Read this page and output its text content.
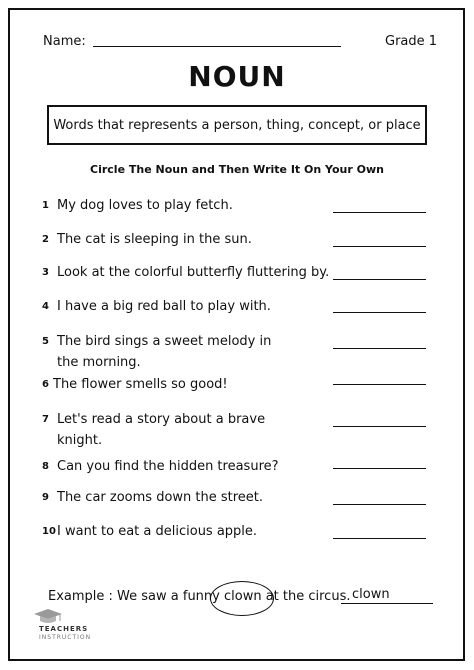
Name:	Grade 1
NOUN
Words that represents a person, thing, concept, or place
Circle The Noun and Then Write It On Your Own
1 My dog loves to play fetch.
2 The cat is sleeping in the sun.
3 Look at the colorful butterfly fluttering by.
4 I have a big red ball to play with.
5 The bird sings a sweet melody in the morning.
6 The flower smells so good!
7 Let's read a story about a brave knight.
8 Can you find the hidden treasure?
9 The car zooms down the street.
10 I want to eat a delicious apple.
Example : We saw a funny clown at the circus. clown
TEACHERS
INSTRUCTION
